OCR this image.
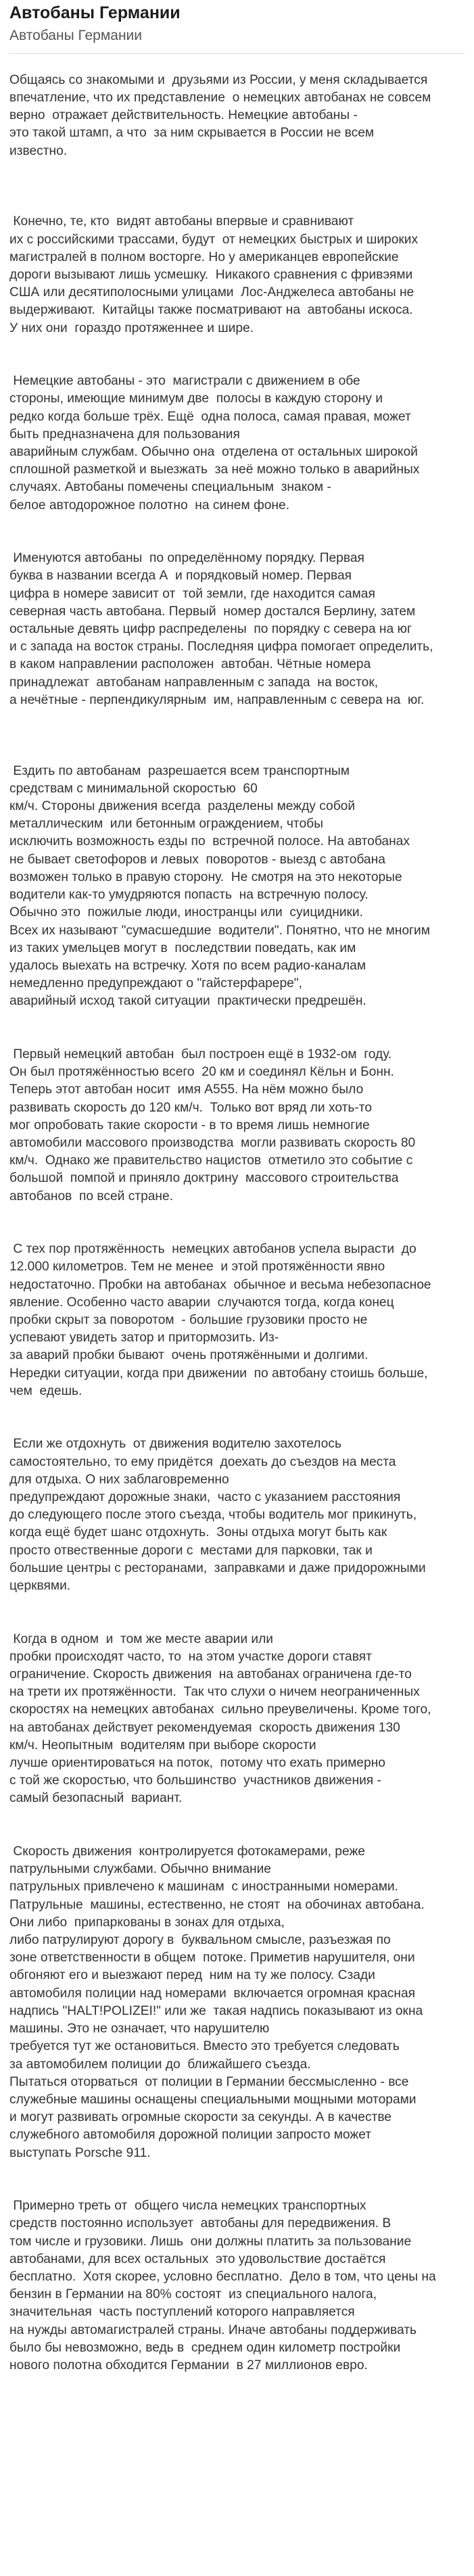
Автобаны Германии
Автобаны Германии

Общаясь со знакомыми и  друзьями из России, у меня складывается
впечатление, что их представление  о немецких автобанах не совсем
верно  отражает действительность. Немецкие автобаны -
это такой штамп, а что  за ним скрывается в России не всем
известно.

Конечно, те, кто  видят автобаны впервые и сравнивают
их с российскими трассами, будут  от немецких быстрых и широких
магистралей в полном восторге. Но у американцев европейские
дороги вызывают лишь усмешку.  Никакого сравнения с фривэями
США или десятиполосными улицами  Лос-Анджелеса автобаны не
выдерживают.  Китайцы также посматривают на  автобаны искоса.
У них они  гораздо протяженнее и шире.

Немецкие автобаны - это  магистрали с движением в обе
стороны, имеющие минимум две  полосы в каждую сторону и
редко когда больше трёх. Ещё  одна полоса, самая правая, может
быть предназначена для пользования
аварийным службам. Обычно она  отделена от остальных широкой
сплошной разметкой и выезжать  за неё можно только в аварийных
случаях. Автобаны помечены специальным  знаком -
белое автодорожное полотно  на синем фоне.

Именуются автобаны  по определённому порядку. Первая
буква в названии всегда А  и порядковый номер. Первая
цифра в номере зависит от  той земли, где находится самая
северная часть автобана. Первый  номер достался Берлину, затем
остальные девять цифр распределены  по порядку с севера на юг
и с запада на восток страны. Последняя цифра помогает определить,
в каком направлении расположен  автобан. Чётные номера
принадлежат  автобанам направленным с запада  на восток,
а нечётные - перпендикулярным  им, направленным с севера на  юг.

Ездить по автобанам  разрешается всем транспортным
средствам с минимальной скоростью  60
км/ч. Стороны движения всегда  разделены между собой
металлическим  или бетонным ограждением, чтобы
исключить возможность езды по  встречной полосе. На автобанах
не бывает светофоров и левых  поворотов - выезд с автобана
возможен только в правую сторону.  Не смотря на это некоторые
водители как-то умудряются попасть  на встречную полосу.
Обычно это  пожилые люди, иностранцы или  суицидники.
Всех их называют "сумасшедшие  водители". Понятно, что не многим
из таких умельцев могут в  последствии поведать, как им
удалось выехать на встречку. Хотя по всем радио-каналам
немедленно предупреждают о "гайстерфарере",
аварийный исход такой ситуации  практически предрешён.

Первый немецкий автобан  был построен ещё в 1932-ом  году.
Он был протяжённостью всего  20 км и соединял Кёльн и Бонн.
Теперь этот автобан носит  имя А555. На нём можно было
развивать скорость до 120 км/ч.  Только вот вряд ли хоть-то
мог опробовать такие скорости - в то время лишь немногие
автомобили массового производства  могли развивать скорость 80
км/ч.  Однако же правительство нацистов  отметило это событие с
большой  помпой и приняло доктрину  массового строительства
автобанов  по всей стране.

С тех пор протяжённость  немецких автобанов успела вырасти  до
12.000 километров. Тем не менее  и этой протяжённости явно
недостаточно. Пробки на автобанах  обычное и весьма небезопасное
явление. Особенно часто аварии  случаются тогда, когда конец
пробки скрыт за поворотом  - большие грузовики просто не
успевают увидеть затор и притормозить. Из-
за аварий пробки бывают  очень протяжёнными и долгими.
Нередки ситуации, когда при движении  по автобану стоишь больше,
чем  едешь.

Если же отдохнуть  от движения водителю захотелось
самостоятельно, то ему придётся  доехать до съездов на места
для отдыха. О них заблаговременно
предупреждают дорожные знаки,  часто с указанием расстояния
до следующего после этого съезда, чтобы водитель мог прикинуть,
когда ещё будет шанс отдохнуть.  Зоны отдыха могут быть как
просто отвественные дороги с  местами для парковки, так и
большие центры с ресторанами,  заправками и даже придорожными
церквями.

Когда в одном  и  том же месте аварии или
пробки происходят часто, то  на этом участке дороги ставят
ограничение. Скорость движения  на автобанах ограничена где-то
на трети их протяжённости.  Так что слухи о ничем неограниченных
скоростях на немецких автобанах  сильно преувеличены. Кроме того,
на автобанах действует рекомендуемая  скорость движения 130
км/ч. Неопытным  водителям при выборе скорости
лучше ориентироваться на поток,  потому что ехать примерно
с той же скоростью, что большинство  участников движения -
самый безопасный  вариант.

Скорость движения  контролируется фотокамерами, реже
патрульными службами. Обычно внимание
патрульных привлечено к машинам  с иностранными номерами.
Патрульные  машины, естественно, не стоят  на обочинах автобана.
Они либо  припаркованы в зонах для отдыха,
либо патрулируют дорогу в  буквальном смысле, разъезжая по
зоне ответственности в общем  потоке. Приметив нарушителя, они
обгоняют его и выезжают перед  ним на ту же полосу. Сзади
автомобиля полиции над номерами  включается огромная красная
надпись "HALT!POLIZEI!" или же  такая надпись показывают из окна
машины. Это не означает, что нарушителю
требуется тут же остановиться. Вместо это требуется следовать
за автомобилем полиции до  ближайшего съезда.
Пытаться оторваться  от полиции в Германии бессмысленно - все
служебные машины оснащены специальными мощными моторами
и могут развивать огромные скорости за секунды. А в качестве
служебного автомобиля дорожной полиции запросто может
выступать Porsche 911.

Примерно треть от  общего числа немецких транспортных
средств постоянно использует  автобаны для передвижения. В
том числе и грузовики. Лишь  они должны платить за пользование
автобанами, для всех остальных  это удовольствие достаётся
бесплатно.  Хотя скорее, условно бесплатно.  Дело в том, что цены на
бензин в Германии на 80% состоят  из специального налога,
значительная  часть поступлений которого направляется
на нужды автомагистралей страны. Иначе автобаны поддерживать
было бы невозможно, ведь в  среднем один километр постройки
нового полотна обходится Германии  в 27 миллионов евро.
